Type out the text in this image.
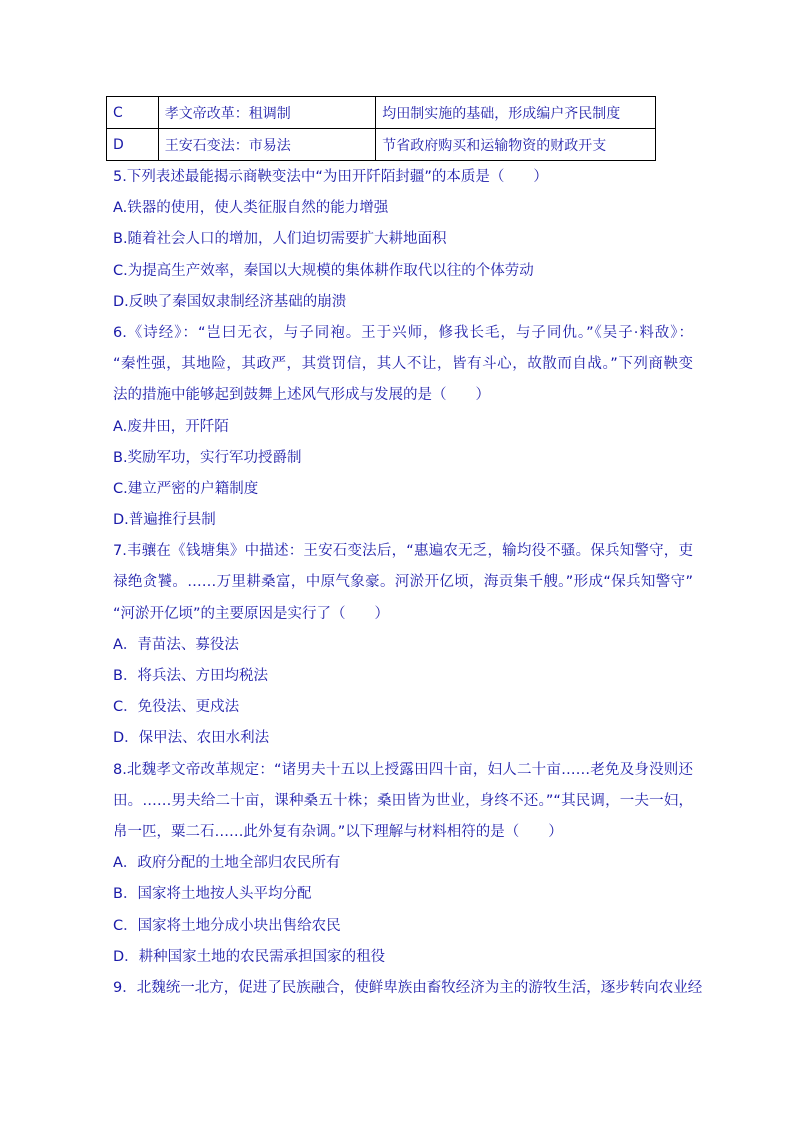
C	孝文帝改革：租调制	均田制实施的基础，形成编户齐民制度
D	王安石变法：市易法	节省政府购买和运输物资的财政开支
5.下列表述最能揭示商鞅变法中“为田开阡陌封疆”的本质是（　　）
A.铁器的使用，使人类征服自然的能力增强
B.随着社会人口的增加，人们迫切需要扩大耕地面积
C.为提高生产效率，秦国以大规模的集体耕作取代以往的个体劳动
D.反映了秦国奴隶制经济基础的崩溃
6.《诗经》：“岂曰无衣，与子同袍。王于兴师，修我长毛，与子同仇。”《吴子·料敌》：
“秦性强，其地险，其政严，其赏罚信，其人不让，皆有斗心，故散而自战。”下列商鞅变
法的措施中能够起到鼓舞上述风气形成与发展的是（　　）
A.废井田，开阡陌
B.奖励军功，实行军功授爵制
C.建立严密的户籍制度
D.普遍推行县制
7.韦骧在《钱塘集》中描述：王安石变法后，“惠遍农无乏，输均役不骚。保兵知警守，吏
禄绝贪饕。……万里耕桑富，中原气象豪。河淤开亿顷，海贡集千艘。”形成“保兵知警守”
“河淤开亿顷”的主要原因是实行了（　　）
A．青苗法、募役法
B．将兵法、方田均税法
C．免役法、更戍法
D．保甲法、农田水利法
8.北魏孝文帝改革规定：“诸男夫十五以上授露田四十亩，妇人二十亩……老免及身没则还
田。……男夫给二十亩，课种桑五十株；桑田皆为世业，身终不还。”“其民调，一夫一妇，
帛一匹，粟二石……此外复有杂调。”以下理解与材料相符的是（　　）
A．政府分配的土地全部归农民所有
B．国家将土地按人头平均分配
C．国家将土地分成小块出售给农民
D．耕种国家土地的农民需承担国家的租役
9．北魏统一北方，促进了民族融合，使鲜卑族由畜牧经济为主的游牧生活，逐步转向农业经
